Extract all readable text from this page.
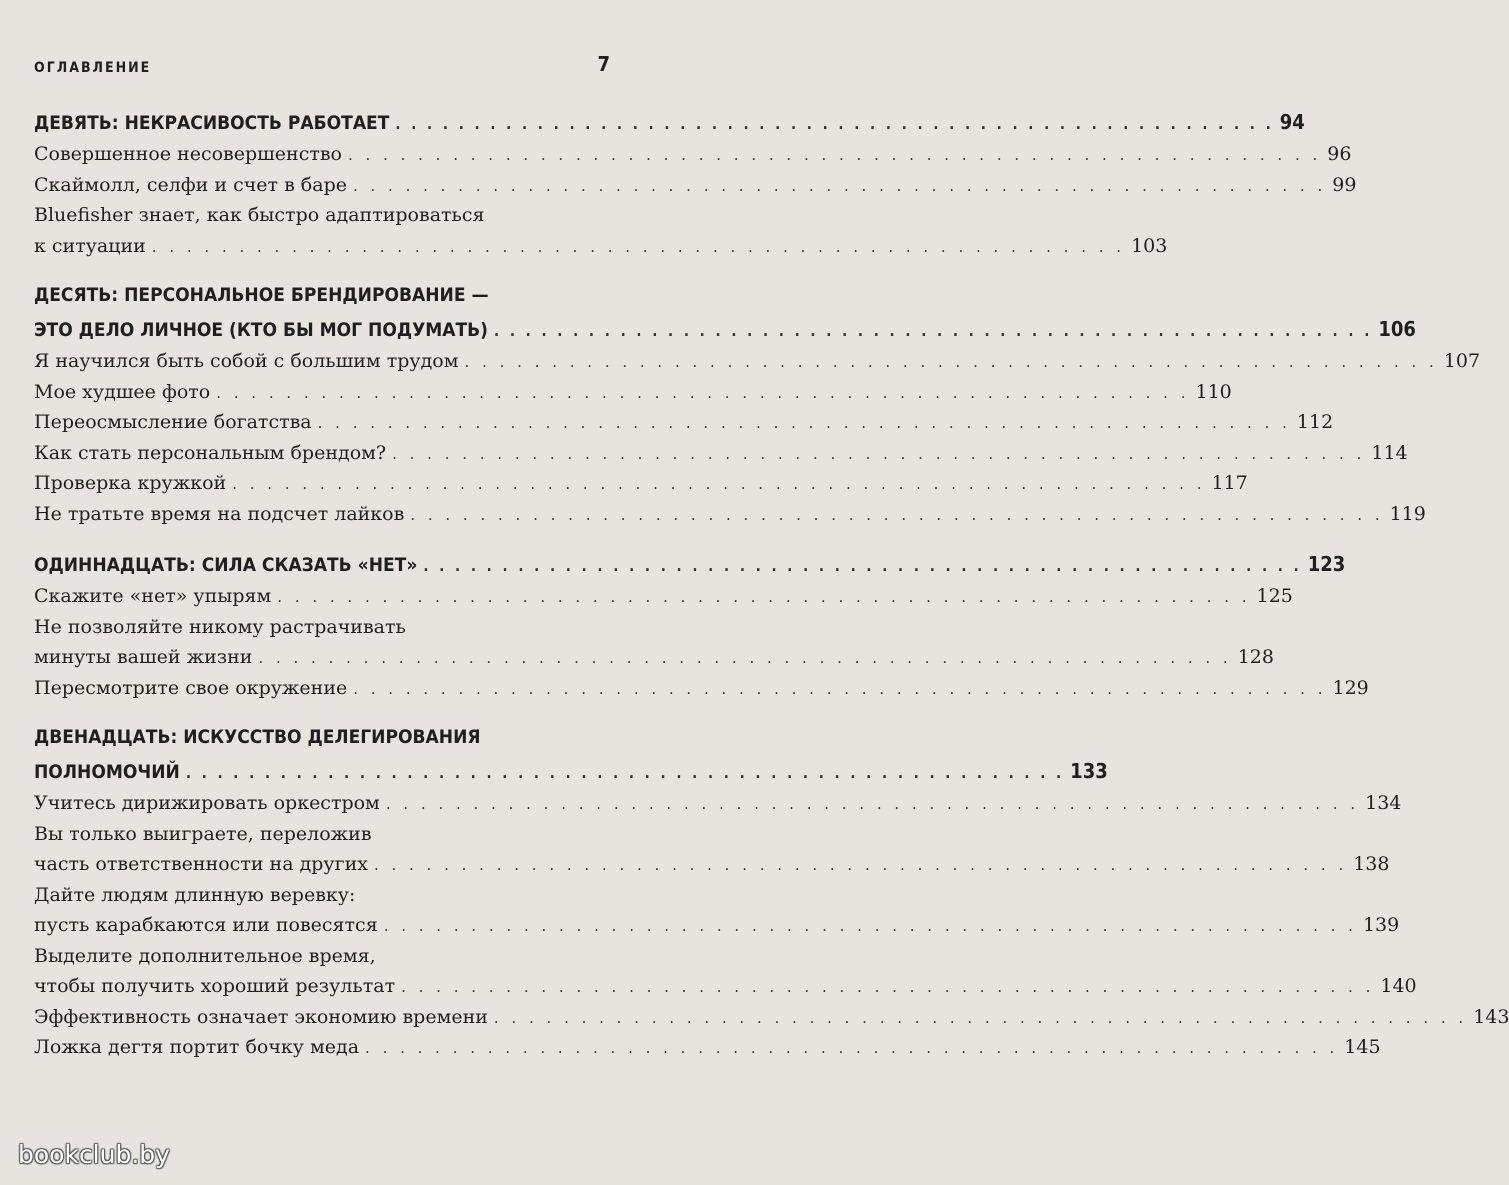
ОГЛАВЛЕНИЕ	7
ДЕВЯТЬ: НЕКРАСИВОСТЬ РАБОТАЕТ . . . . . . . . . . . . . . . . . . . . . . . . . . . . . . . . . . . . . . . . . . . . . . . . . . . . . . . . 94
Совершенное несовершенство . . . . . . . . . . . . . . . . . . . . . . . . . . . . . . . . . . . . . . . . . . . . . . . . . . . . . . . . 96
Скаймолл, селфи и счет в баре . . . . . . . . . . . . . . . . . . . . . . . . . . . . . . . . . . . . . . . . . . . . . . . . . . . . . . . . 99
Bluefisher знает, как быстро адаптироваться
к ситуации . . . . . . . . . . . . . . . . . . . . . . . . . . . . . . . . . . . . . . . . . . . . . . . . . . . . . . . . 103
ДЕСЯТЬ: ПЕРСОНАЛЬНОЕ БРЕНДИРОВАНИЕ —
ЭТО ДЕЛО ЛИЧНОЕ (КТО БЫ МОГ ПОДУМАТЬ) . . . . . . . . . . . . . . . . . . . . . . . . . . . . . . . . . . . . . . . . . . . . . . . . . . . . . . . . 106
Я научился быть собой с большим трудом . . . . . . . . . . . . . . . . . . . . . . . . . . . . . . . . . . . . . . . . . . . . . . . . . . . . . . . . 107
Мое худшее фото . . . . . . . . . . . . . . . . . . . . . . . . . . . . . . . . . . . . . . . . . . . . . . . . . . . . . . . . 110
Переосмысление богатства . . . . . . . . . . . . . . . . . . . . . . . . . . . . . . . . . . . . . . . . . . . . . . . . . . . . . . . . 112
Как стать персональным брендом? . . . . . . . . . . . . . . . . . . . . . . . . . . . . . . . . . . . . . . . . . . . . . . . . . . . . . . . . 114
Проверка кружкой . . . . . . . . . . . . . . . . . . . . . . . . . . . . . . . . . . . . . . . . . . . . . . . . . . . . . . . . 117
Не тратьте время на подсчет лайков . . . . . . . . . . . . . . . . . . . . . . . . . . . . . . . . . . . . . . . . . . . . . . . . . . . . . . . . 119
ОДИННАДЦАТЬ: СИЛА СКАЗАТЬ «НЕТ» . . . . . . . . . . . . . . . . . . . . . . . . . . . . . . . . . . . . . . . . . . . . . . . . . . . . . . . . 123
Скажите «нет» упырям . . . . . . . . . . . . . . . . . . . . . . . . . . . . . . . . . . . . . . . . . . . . . . . . . . . . . . . . 125
Не позволяйте никому растрачивать
минуты вашей жизни . . . . . . . . . . . . . . . . . . . . . . . . . . . . . . . . . . . . . . . . . . . . . . . . . . . . . . . . 128
Пересмотрите свое окружение . . . . . . . . . . . . . . . . . . . . . . . . . . . . . . . . . . . . . . . . . . . . . . . . . . . . . . . . 129
ДВЕНАДЦАТЬ: ИСКУССТВО ДЕЛЕГИРОВАНИЯ
ПОЛНОМОЧИЙ . . . . . . . . . . . . . . . . . . . . . . . . . . . . . . . . . . . . . . . . . . . . . . . . . . . . . . . . 133
Учитесь дирижировать оркестром . . . . . . . . . . . . . . . . . . . . . . . . . . . . . . . . . . . . . . . . . . . . . . . . . . . . . . . . 134
Вы только выиграете, переложив
часть ответственности на других . . . . . . . . . . . . . . . . . . . . . . . . . . . . . . . . . . . . . . . . . . . . . . . . . . . . . . . . 138
Дайте людям длинную веревку:
пусть карабкаются или повесятся . . . . . . . . . . . . . . . . . . . . . . . . . . . . . . . . . . . . . . . . . . . . . . . . . . . . . . . . 139
Выделите дополнительное время,
чтобы получить хороший результат . . . . . . . . . . . . . . . . . . . . . . . . . . . . . . . . . . . . . . . . . . . . . . . . . . . . . . . . 140
Эффективность означает экономию времени . . . . . . . . . . . . . . . . . . . . . . . . . . . . . . . . . . . . . . . . . . . . . . . . . . . . . . . . 143
Ложка дегтя портит бочку меда . . . . . . . . . . . . . . . . . . . . . . . . . . . . . . . . . . . . . . . . . . . . . . . . . . . . . . . . 145
bookclub.by
